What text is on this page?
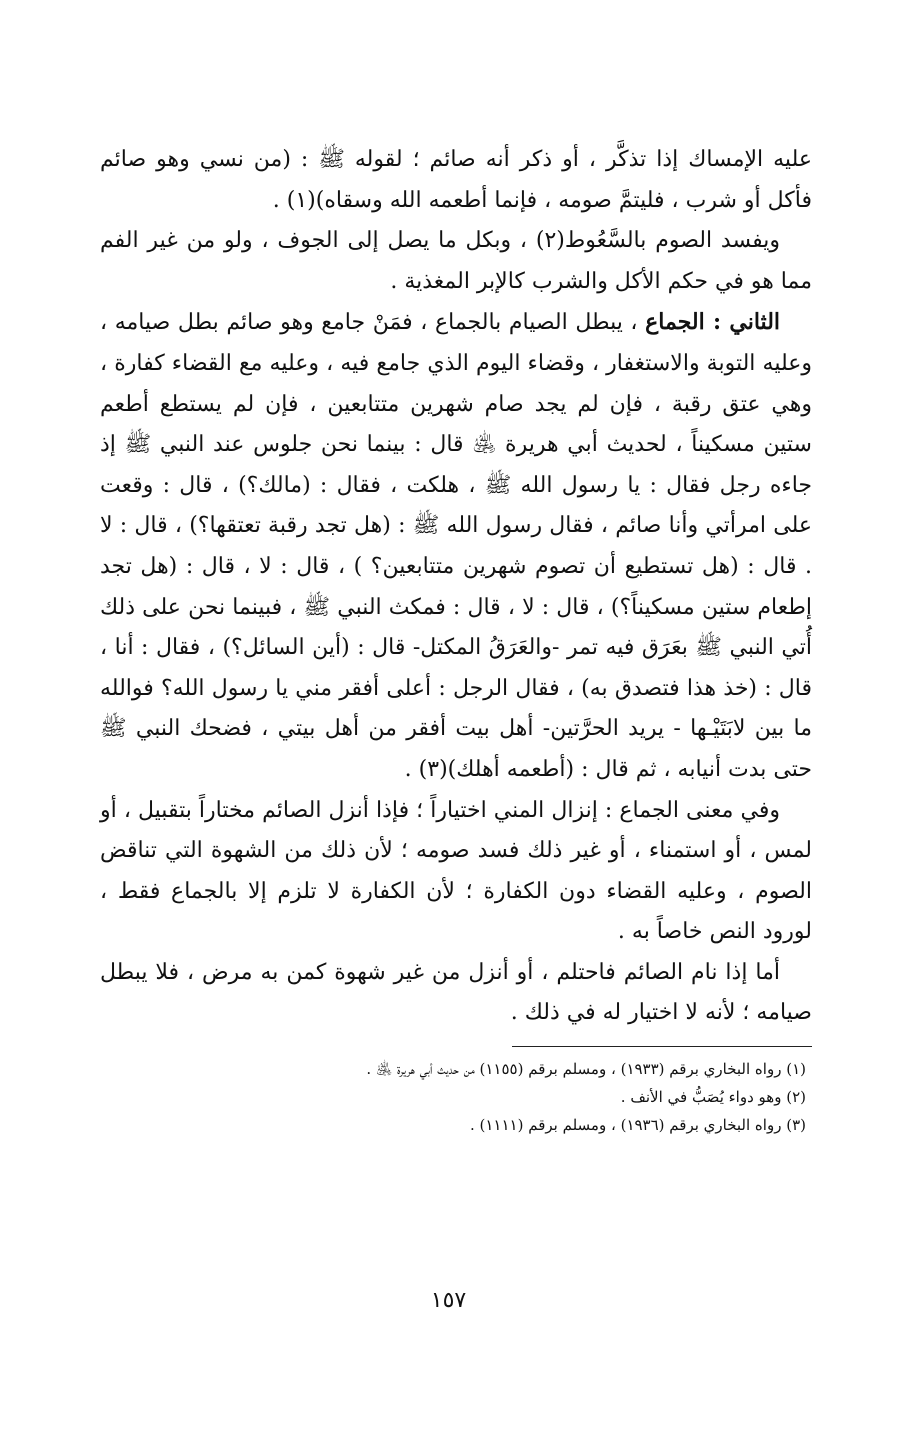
عليه الإمساك إذا تذكَّر ، أو ذكر أنه صائم ؛ لقوله ﷺ : (من نسي وهو صائم فأكل أو شرب ، فليتمَّ صومه ، فإنما أطعمه الله وسقاه)(١) .

ويفسد الصوم بالسَّعُوط(٢) ، وبكل ما يصل إلى الجوف ، ولو من غير الفم مما هو في حكم الأكل والشرب كالإبر المغذية .

الثاني : الجماع ، يبطل الصيام بالجماع ، فمَنْ جامع وهو صائم بطل صيامه ، وعليه التوبة والاستغفار ، وقضاء اليوم الذي جامع فيه ، وعليه مع القضاء كفارة ، وهي عتق رقبة ، فإن لم يجد صام شهرين متتابعين ، فإن لم يستطع أطعم ستين مسكيناً ، لحديث أبي هريرة ﵁ قال : بينما نحن جلوس عند النبي ﷺ إذ جاءه رجل فقال : يا رسول الله ﷺ ، هلكت ، فقال : (مالك؟) ، قال : وقعت على امرأتي وأنا صائم ، فقال رسول الله ﷺ : (هل تجد رقبة تعتقها؟) ، قال : لا . قال : (هل تستطيع أن تصوم شهرين متتابعين؟ ) ، قال : لا ، قال : (هل تجد إطعام ستين مسكيناً؟) ، قال : لا ، قال : فمكث النبي ﷺ ، فبينما نحن على ذلك أُتي النبي ﷺ بعَرَق فيه تمر -والعَرَقُ المكتل- قال : (أين السائل؟) ، فقال : أنا ، قال : (خذ هذا فتصدق به) ، فقال الرجل : أعلى أفقر مني يا رسول الله؟ فوالله ما بين لابَتَيْـها - يريد الحرَّتين- أهل بيت أفقر من أهل بيتي ، فضحك النبي ﷺ حتى بدت أنيابه ، ثم قال : (أطعمه أهلك)(٣) .

وفي معنى الجماع : إنزال المني اختياراً ؛ فإذا أنزل الصائم مختاراً بتقبيل ، أو لمس ، أو استمناء ، أو غير ذلك فسد صومه ؛ لأن ذلك من الشهوة التي تناقض الصوم ، وعليه القضاء دون الكفارة ؛ لأن الكفارة لا تلزم إلا بالجماع فقط ، لورود النص خاصاً به .

أما إذا نام الصائم فاحتلم ، أو أنزل من غير شهوة كمن به مرض ، فلا يبطل صيامه ؛ لأنه لا اختيار له في ذلك .

(١) رواه البخاري برقم (١٩٣٣) ، ومسلم برقم (١١٥٥) من حديث أبي هريرة ﵁ .

(٢) وهو دواء يُصَبُّ في الأنف .

(٣) رواه البخاري برقم (١٩٣٦) ، ومسلم برقم (١١١١) .

١٥٧
